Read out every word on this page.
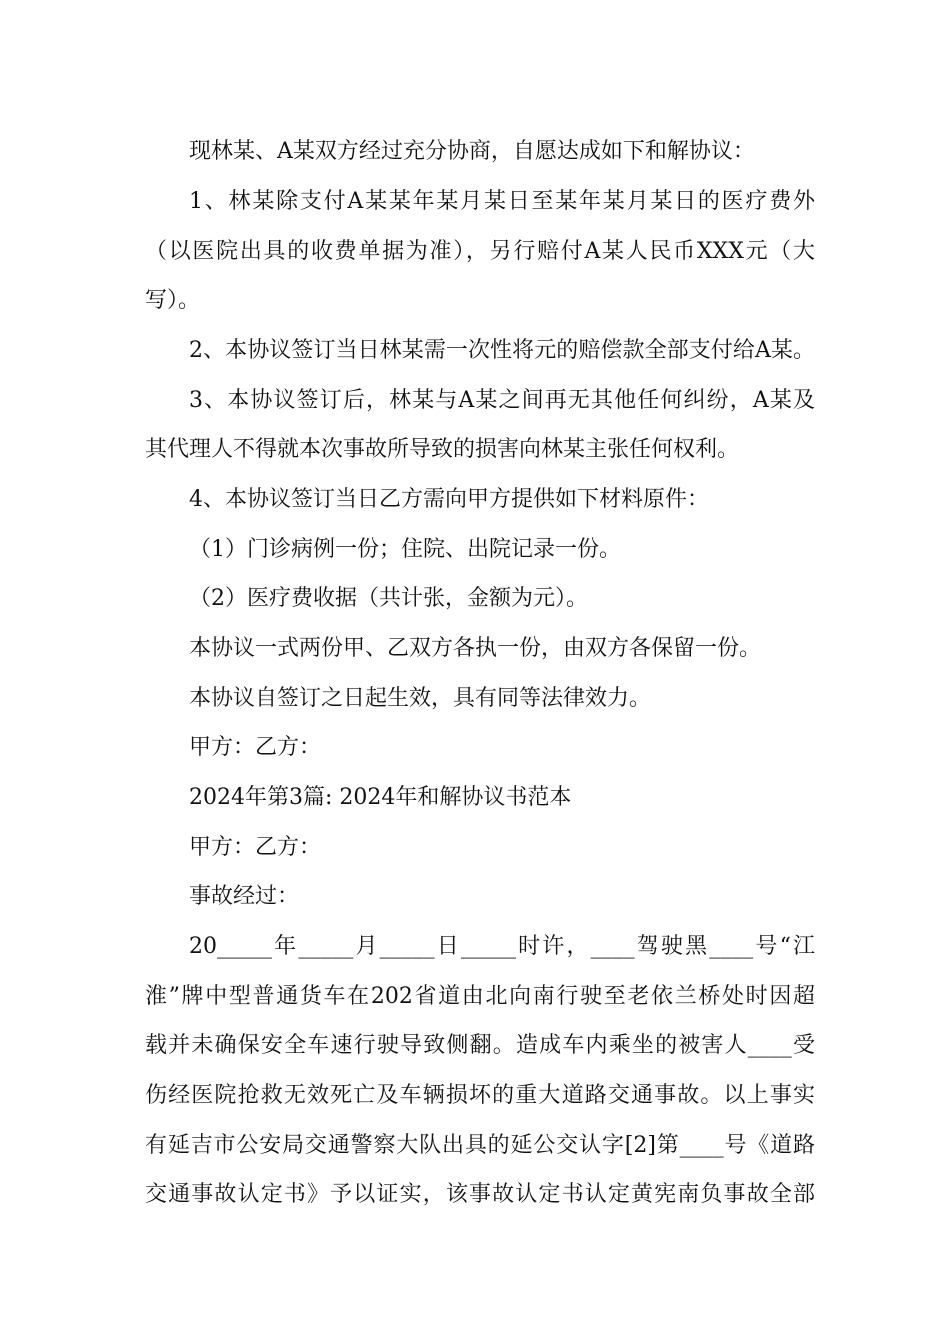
现林某、A某双方经过充分协商，自愿达成如下和解协议：
1、林某除支付A某某年某月某日至某年某月某日的医疗费外
（以医院出具的收费单据为准），另行赔付A某人民币XXX元（大
写）。
2、本协议签订当日林某需一次性将元的赔偿款全部支付给A某。
3、本协议签订后，林某与A某之间再无其他任何纠纷，A某及
其代理人不得就本次事故所导致的损害向林某主张任何权利。
4、本协议签订当日乙方需向甲方提供如下材料原件：
（1）门诊病例一份；住院、出院记录一份。
（2）医疗费收据（共计张，金额为元）。
本协议一式两份甲、乙双方各执一份，由双方各保留一份。
本协议自签订之日起生效，具有同等法律效力。
甲方：乙方：
2024年第3篇: 2024年和解协议书范本
甲方：乙方：
事故经过：
20_____年_____月_____日_____时许，____驾驶黑____号“江
淮”牌中型普通货车在202省道由北向南行驶至老依兰桥处时因超
载并未确保安全车速行驶导致侧翻。造成车内乘坐的被害人____受
伤经医院抢救无效死亡及车辆损坏的重大道路交通事故。以上事实
有延吉市公安局交通警察大队出具的延公交认字[2]第____号《道路
交通事故认定书》予以证实，该事故认定书认定黄宪南负事故全部
